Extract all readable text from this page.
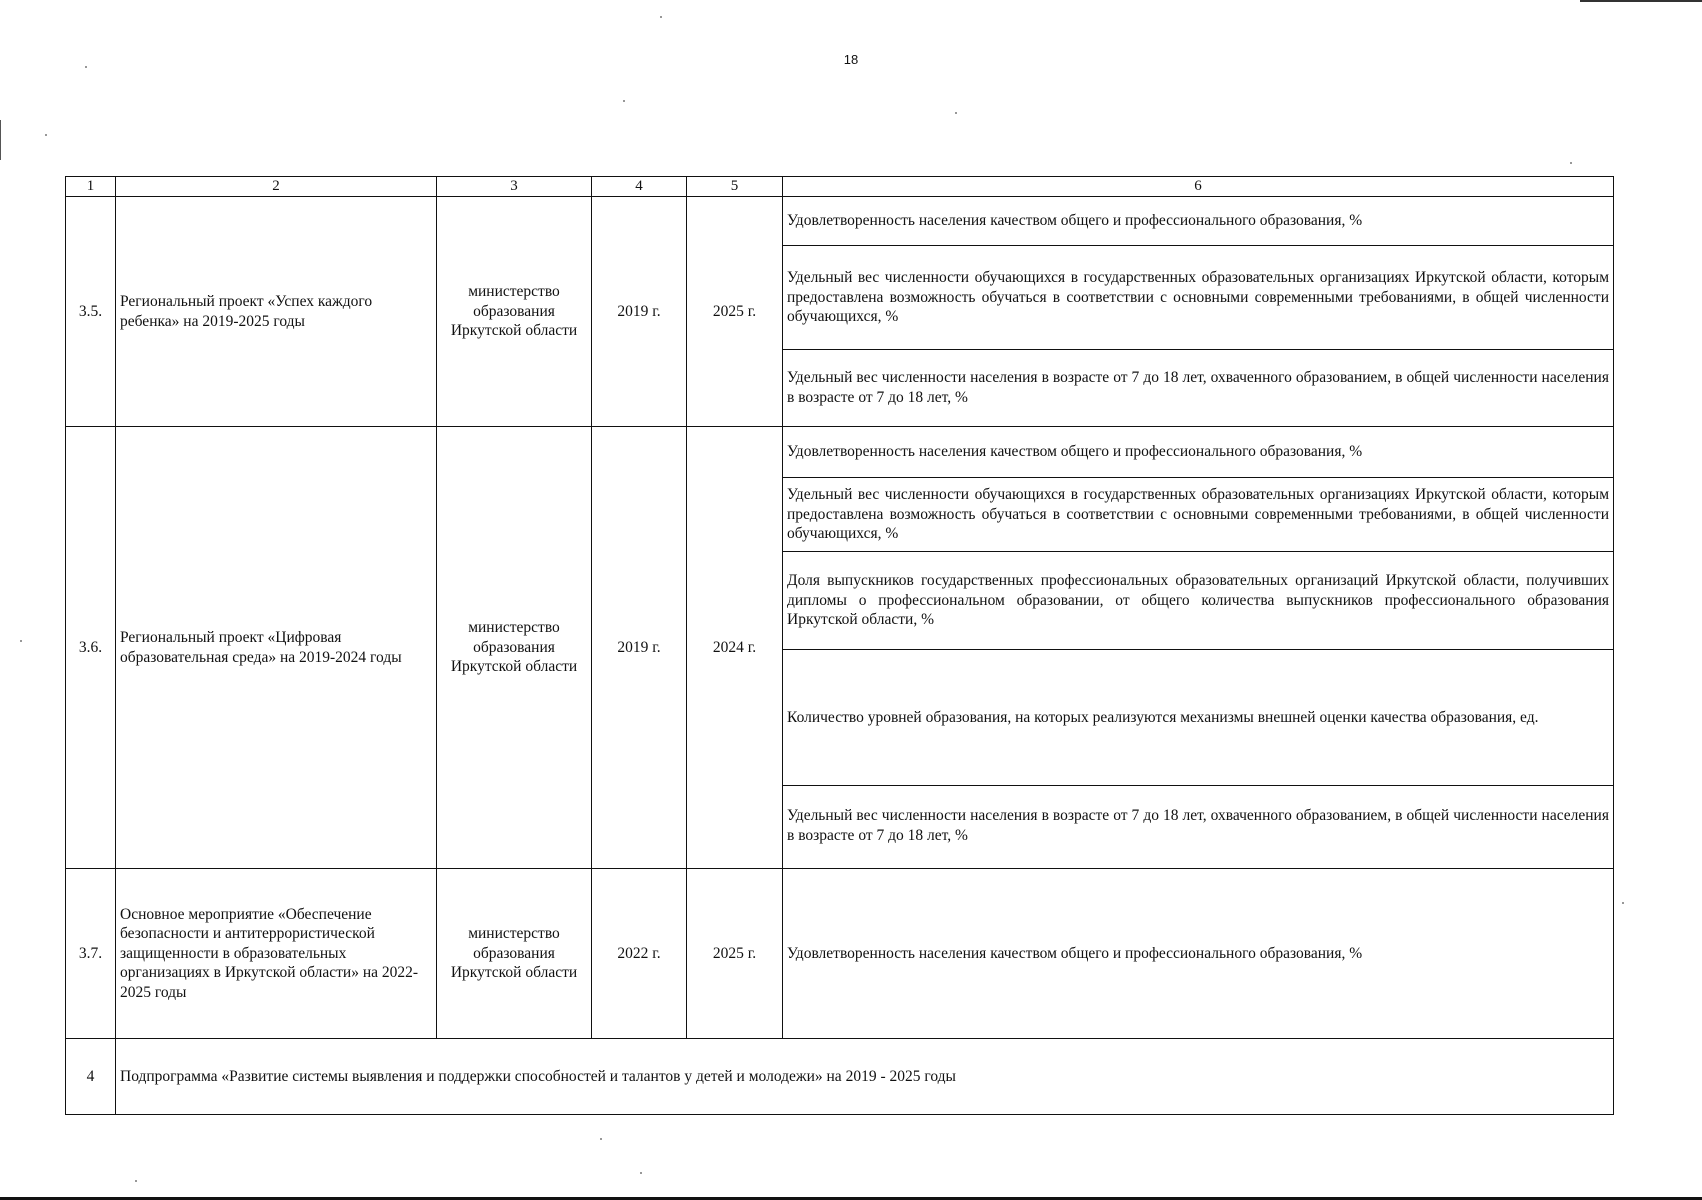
18
1	2	3	4	5	6
3.5.	Региональный проект «Успех каждого ребенка» на 2019-2025 годы	министерство образования Иркутской области	2019 г.	2025 г.	Удовлетворенность населения качеством общего и профессионального образования, %
Удельный вес численности обучающихся в государственных образовательных организациях Иркутской области, которым предоставлена возможность обучаться в соответствии с основными современными требованиями, в общей численности обучающихся, %
Удельный вес численности населения в возрасте от 7 до 18 лет, охваченного образованием, в общей численности населения в возрасте от 7 до 18 лет, %

3.6.	Региональный проект «Цифровая образовательная среда» на 2019-2024 годы	министерство образования Иркутской области	2019 г.	2024 г.	Удовлетворенность населения качеством общего и профессионального образования, %
Удельный вес численности обучающихся в государственных образовательных организациях Иркутской области, которым предоставлена возможность обучаться в соответствии с основными современными требованиями, в общей численности обучающихся, %
Доля выпускников государственных профессиональных образовательных организаций Иркутской области, получивших дипломы о профессиональном образовании, от общего количества выпускников профессионального образования Иркутской области, %
Количество уровней образования, на которых реализуются механизмы внешней оценки качества образования, ед.
Удельный вес численности населения в возрасте от 7 до 18 лет, охваченного образованием, в общей численности населения в возрасте от 7 до 18 лет, %

3.7.	Основное мероприятие «Обеспечение безопасности и антитеррористической защищенности в образовательных организациях в Иркутской области» на 2022-2025 годы	министерство образования Иркутской области	2022 г.	2025 г.	Удовлетворенность населения качеством общего и профессионального образования, %
4	Подпрограмма «Развитие системы выявления и поддержки способностей и талантов у детей и молодежи» на 2019 - 2025 годы				
